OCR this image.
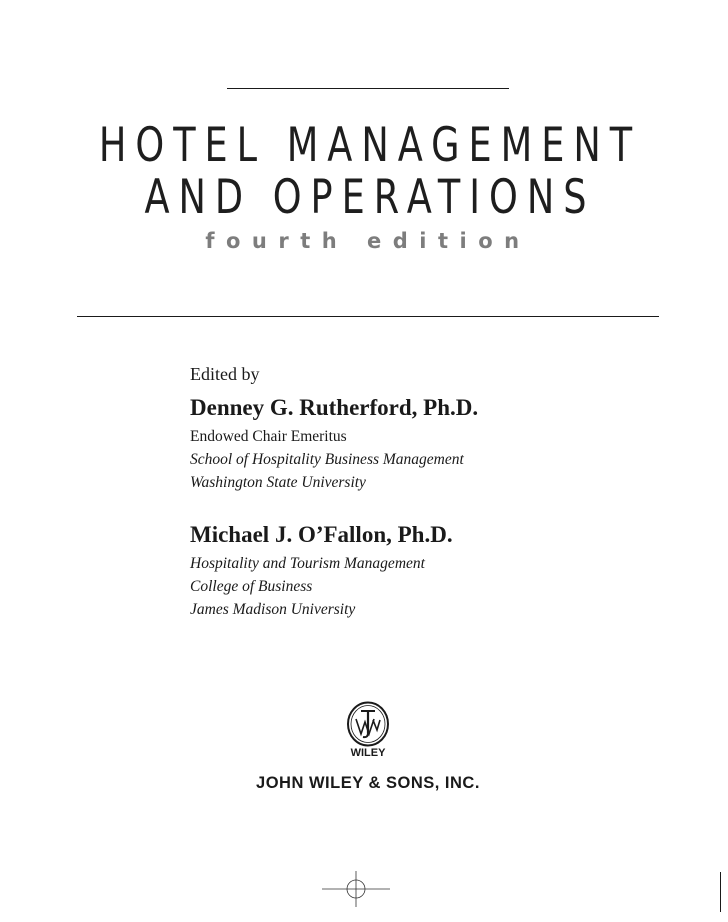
HOTEL MANAGEMENT
AND OPERATIONS
fourth edition
Edited by
Denney G. Rutherford, Ph.D.
Endowed Chair Emeritus
School of Hospitality Business Management
Washington State University
Michael J. O’Fallon, Ph.D.
Hospitality and Tourism Management
College of Business
James Madison University
WILEY
JOHN WILEY & SONS, INC.
